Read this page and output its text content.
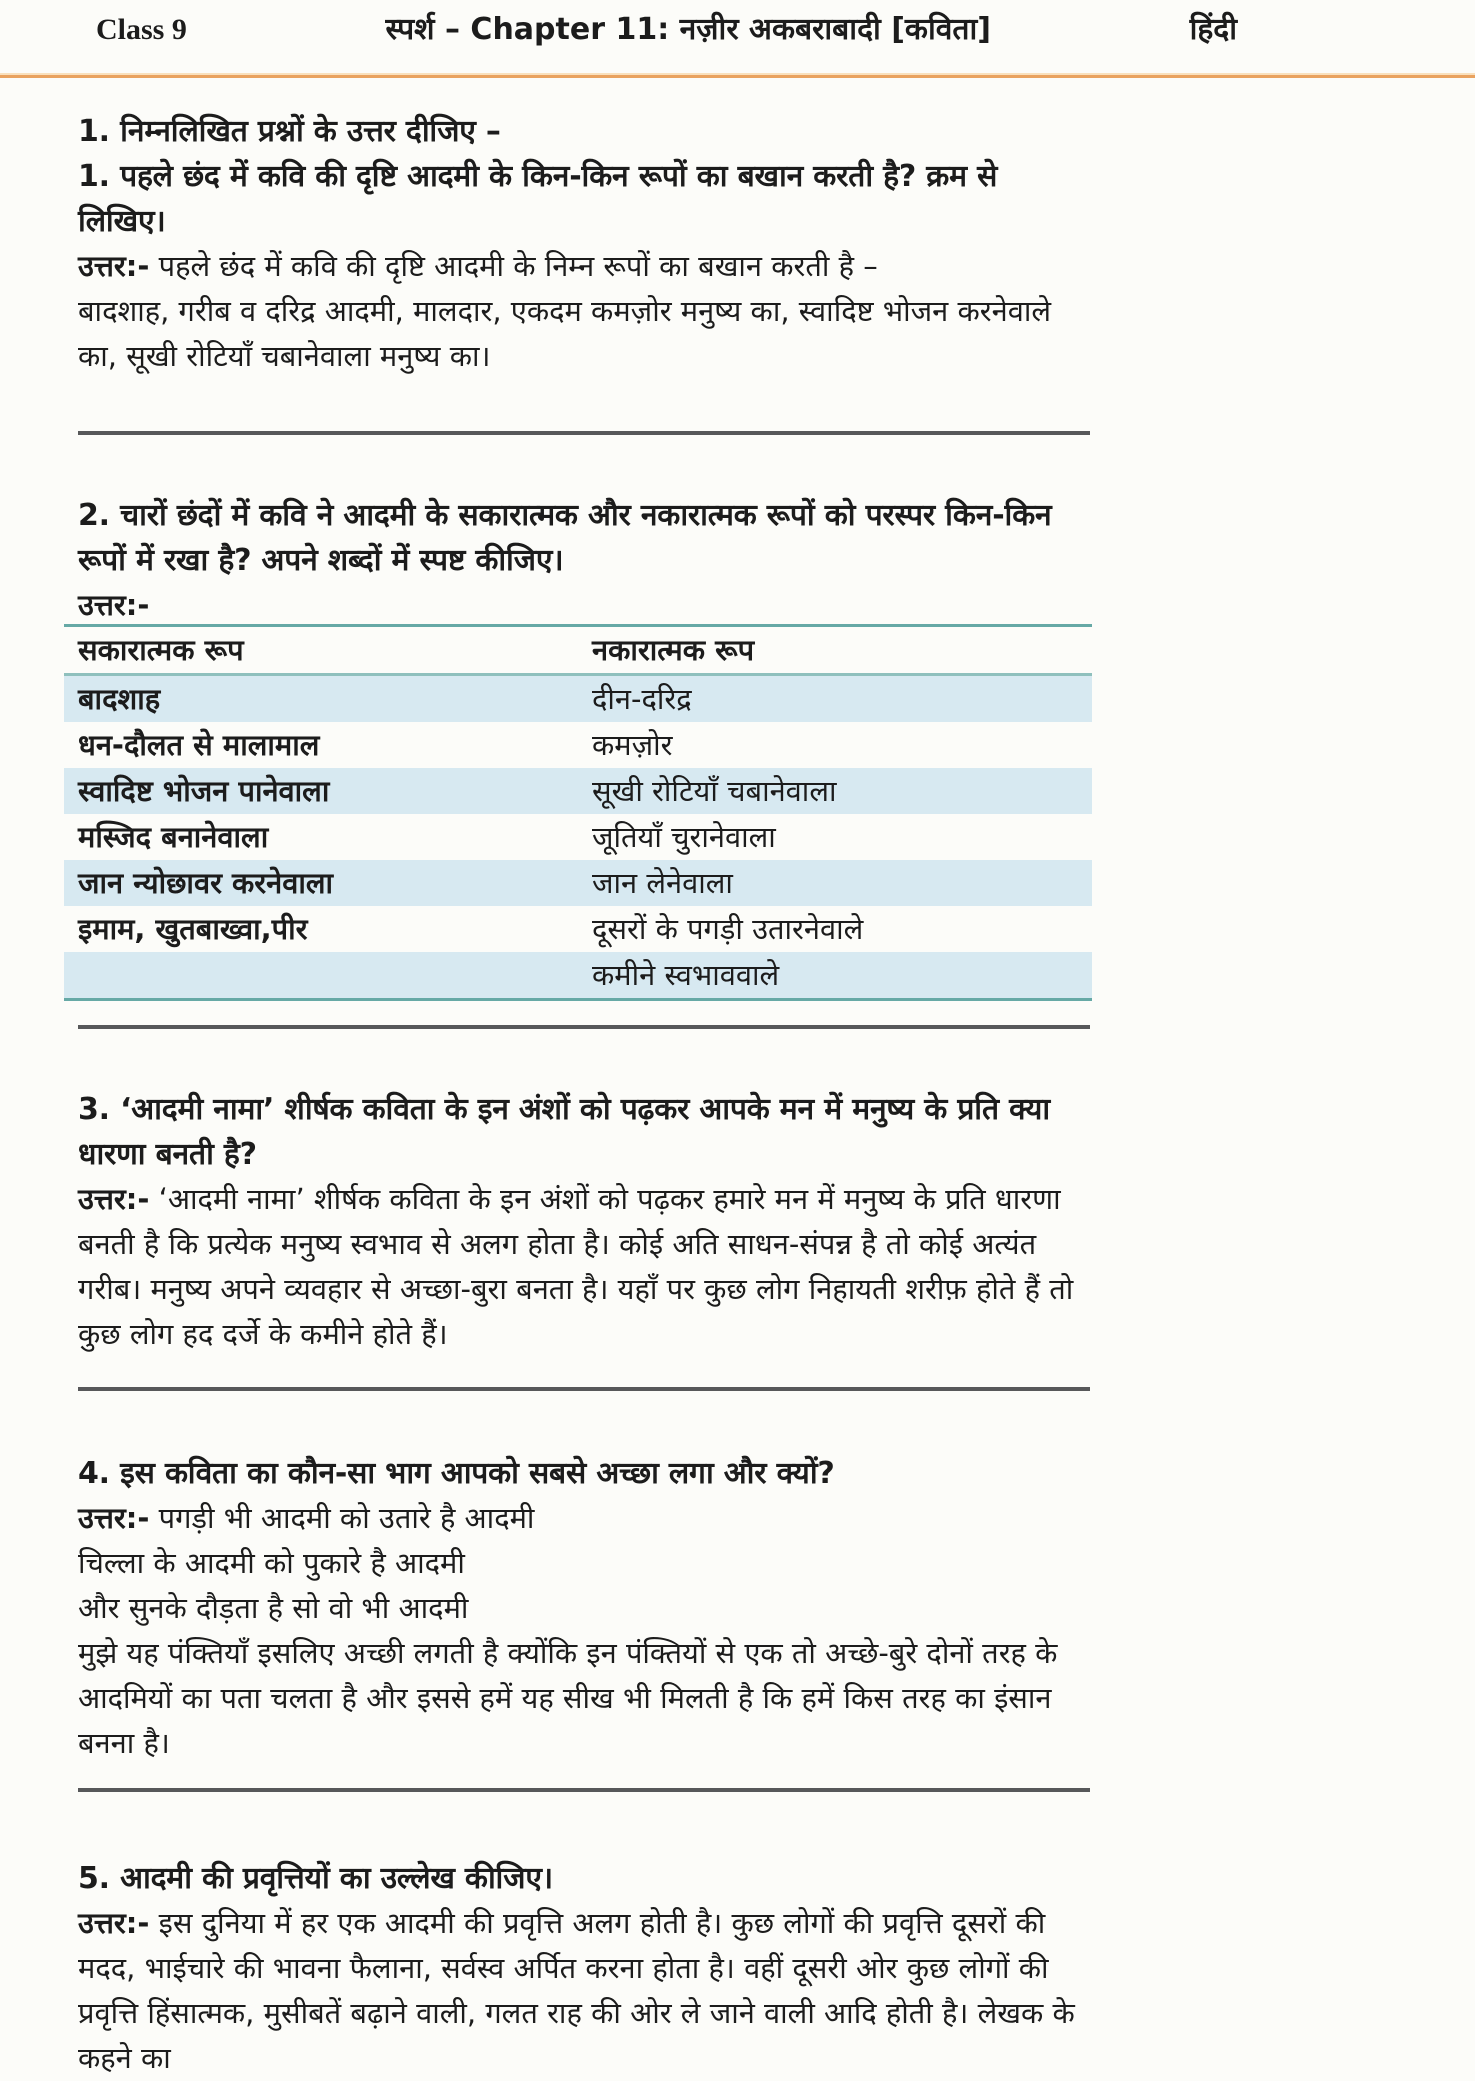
Class 9	स्पर्श – Chapter 11: नज़ीर अकबराबादी [कविता]	हिंदी

1. निम्नलिखित प्रश्नों के उत्तर दीजिए –

1. पहले छंद में कवि की दृष्टि आदमी के किन-किन रूपों का बखान करती है? क्रम से लिखिए।

उत्तर:- पहले छंद में कवि की दृष्टि आदमी के निम्न रूपों का बखान करती है –

बादशाह, गरीब व दरिद्र आदमी, मालदार, एकदम कमज़ोर मनुष्य का, स्वादिष्ट भोजन करनेवाले का, सूखी रोटियाँ चबानेवाला मनुष्य का।

2. चारों छंदों में कवि ने आदमी के सकारात्मक और नकारात्मक रूपों को परस्पर किन-किन रूपों में रखा है? अपने शब्दों में स्पष्ट कीजिए।

उत्तर:-

सकारात्मक रूप	नकारात्मक रूप
बादशाह	दीन-दरिद्र
धन-दौलत से मालामाल	कमज़ोर
स्वादिष्ट भोजन पानेवाला	सूखी रोटियाँ चबानेवाला
मस्जिद बनानेवाला	जूतियाँ चुरानेवाला
जान न्योछावर करनेवाला	जान लेनेवाला
इमाम, खुतबाख्वा,पीर	दूसरों के पगड़ी उतारनेवाले
	कमीने स्वभाववाले

3. ‘आदमी नामा’ शीर्षक कविता के इन अंशों को पढ़कर आपके मन में मनुष्य के प्रति क्या धारणा बनती है?

उत्तर:- ‘आदमी नामा’ शीर्षक कविता के इन अंशों को पढ़कर हमारे मन में मनुष्य के प्रति धारणा बनती है कि प्रत्येक मनुष्य स्वभाव से अलग होता है। कोई अति साधन-संपन्न है तो कोई अत्यंत गरीब। मनुष्य अपने व्यवहार से अच्छा-बुरा बनता है। यहाँ पर कुछ लोग निहायती शरीफ़ होते हैं तो कुछ लोग हद दर्जे के कमीने होते हैं।

4. इस कविता का कौन-सा भाग आपको सबसे अच्छा लगा और क्यों?

उत्तर:- पगड़ी भी आदमी को उतारे है आदमी

चिल्ला के आदमी को पुकारे है आदमी

और सुनके दौड़ता है सो वो भी आदमी

मुझे यह पंक्तियाँ इसलिए अच्छी लगती है क्योंकि इन पंक्तियों से एक तो अच्छे-बुरे दोनों तरह के आदमियों का पता चलता है और इससे हमें यह सीख भी मिलती है कि हमें किस तरह का इंसान बनना है।

5. आदमी की प्रवृत्तियों का उल्लेख कीजिए।

उत्तर:- इस दुनिया में हर एक आदमी की प्रवृत्ति अलग होती है। कुछ लोगों की प्रवृत्ति दूसरों की मदद, भाईचारे की भावना फैलाना, सर्वस्व अर्पित करना होता है। वहीं दूसरी ओर कुछ लोगों की प्रवृत्ति हिंसात्मक, मुसीबतें बढ़ाने वाली, गलत राह की ओर ले जाने वाली आदि होती है। लेखक के कहने का
